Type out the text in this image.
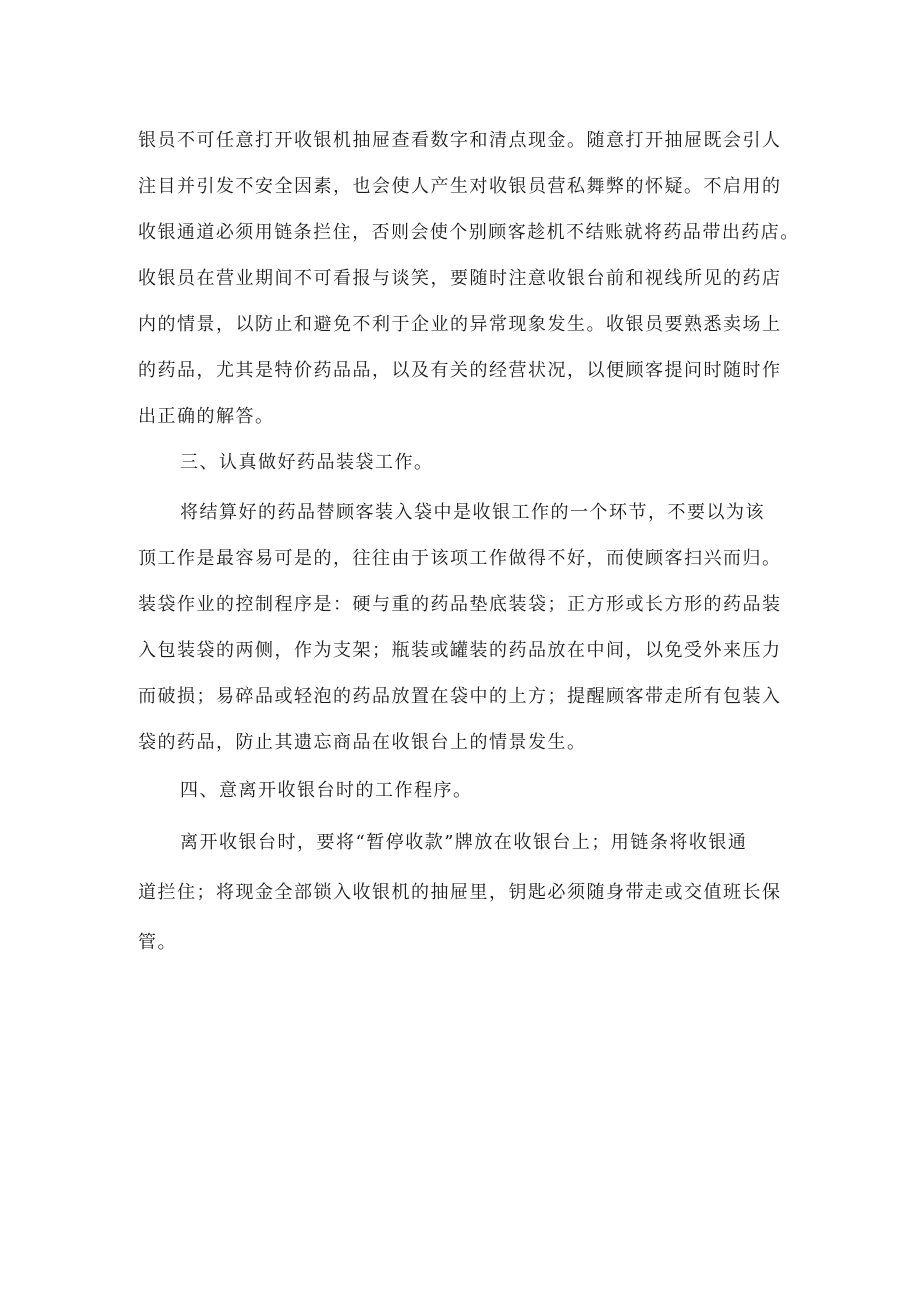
银员不可任意打开收银机抽屉查看数字和清点现金。随意打开抽屉既会引人
注目并引发不安全因素，也会使人产生对收银员营私舞弊的怀疑。不启用的
收银通道必须用链条拦住，否则会使个别顾客趁机不结账就将药品带出药店。
收银员在营业期间不可看报与谈笑，要随时注意收银台前和视线所见的药店
内的情景，以防止和避免不利于企业的异常现象发生。收银员要熟悉卖场上
的药品，尤其是特价药品品，以及有关的经营状况，以便顾客提问时随时作
出正确的解答。
三、认真做好药品装袋工作。
将结算好的药品替顾客装入袋中是收银工作的一个环节，不要以为该
顶工作是最容易可是的，往往由于该项工作做得不好，而使顾客扫兴而归。
装袋作业的控制程序是：硬与重的药品垫底装袋；正方形或长方形的药品装
入包装袋的两侧，作为支架；瓶装或罐装的药品放在中间，以免受外来压力
而破损；易碎品或轻泡的药品放置在袋中的上方；提醒顾客带走所有包装入
袋的药品，防止其遗忘商品在收银台上的情景发生。
四、意离开收银台时的工作程序。
离开收银台时，要将“暂停收款”牌放在收银台上；用链条将收银通
道拦住；将现金全部锁入收银机的抽屉里，钥匙必须随身带走或交值班长保
管。
